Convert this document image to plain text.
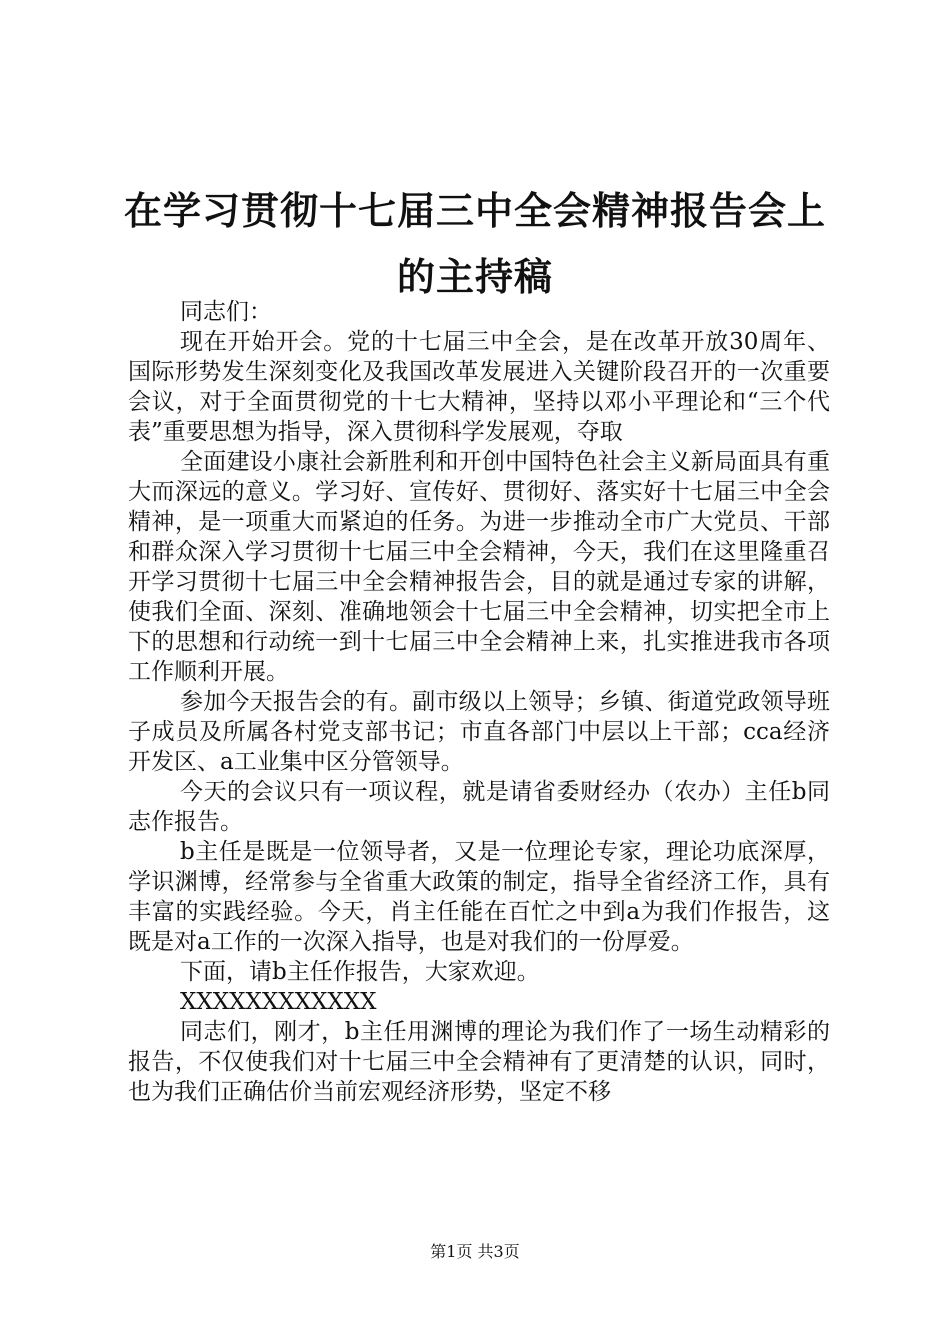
在学习贯彻十七届三中全会精神报告会上的主持稿

同志们：

现在开始开会。党的十七届三中全会，是在改革开放30周年、国际形势发生深刻变化及我国改革发展进入关键阶段召开的一次重要会议，对于全面贯彻党的十七大精神，坚持以邓小平理论和“三个代表”重要思想为指导，深入贯彻科学发展观，夺取

全面建设小康社会新胜利和开创中国特色社会主义新局面具有重大而深远的意义。学习好、宣传好、贯彻好、落实好十七届三中全会精神，是一项重大而紧迫的任务。为进一步推动全市广大党员、干部和群众深入学习贯彻十七届三中全会精神，今天，我们在这里隆重召开学习贯彻十七届三中全会精神报告会，目的就是通过专家的讲解，使我们全面、深刻、准确地领会十七届三中全会精神，切实把全市上下的思想和行动统一到十七届三中全会精神上来，扎实推进我市各项工作顺利开展。

参加今天报告会的有。副市级以上领导；乡镇、街道党政领导班子成员及所属各村党支部书记；市直各部门中层以上干部；cca经济开发区、a工业集中区分管领导。

今天的会议只有一项议程，就是请省委财经办（农办）主任b同志作报告。

b主任是既是一位领导者，又是一位理论专家，理论功底深厚，学识渊博，经常参与全省重大政策的制定，指导全省经济工作，具有丰富的实践经验。今天，肖主任能在百忙之中到a为我们作报告，这既是对a工作的一次深入指导，也是对我们的一份厚爱。

下面，请b主任作报告，大家欢迎。

XXXXXXXXXXXX

同志们，刚才，b主任用渊博的理论为我们作了一场生动精彩的报告，不仅使我们对十七届三中全会精神有了更清楚的认识，同时，也为我们正确估价当前宏观经济形势，坚定不移

第1页 共3页
